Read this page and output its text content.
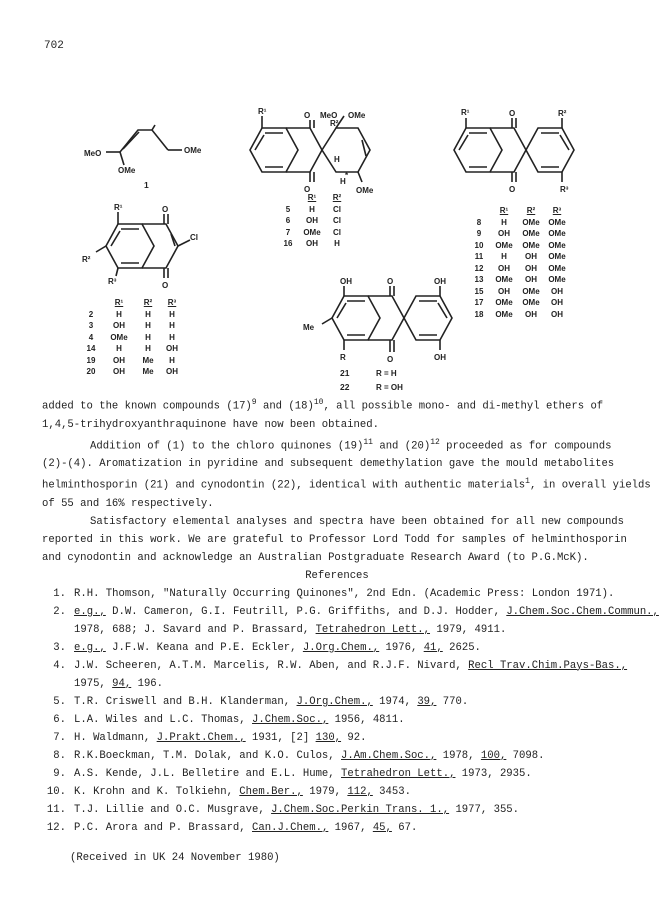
702
MeO	OMe
OMe
1
R¹	O MeO OMe
R²
O
H
H
*
OMe
R¹	O	R²
O	R³
R¹	O
Cl
R²
R³	O	OH	O	OH
Me
R	O	OH
21	R = H
22	R = OH
R¹	R²
5	H	Cl
6	OH	Cl
7	OMe	Cl
16	OH	H
R¹	R²	R³
2	H	H	H
3	OH	H	H
4	OMe	H	H
14	H	H	OH
19	OH	Me	H
20	OH	Me	OH
R¹	R²	R³
8	H	OMe	OMe
9	OH	OMe	OMe
10	OMe	OMe	OMe
11	H	OH	OMe
12	OH	OH	OMe
13	OMe	OH	OMe
15	OH	OMe	OH
17	OMe	OMe	OH
18	OMe	OH	OH

added to the known compounds $(17)^9$ and $(18)^{10}$, all possible mono- and di-methyl ethers of

1,4,5-trihydroxyanthraquinone have now been obtained.

Addition of (1) to the chloro quinones $(19)^{11}$ and $(20)^{12}$ proceeded as for compounds

(2)-(4). Aromatization in pyridine and subsequent demethylation gave the mould metabolites

helminthosporin (21) and cynodontin (22), identical with authentic materials$^1$, in overall yields

of 55 and 16% respectively.

Satisfactory elemental analyses and spectra have been obtained for all new compounds

reported in this work. We are grateful to Professor Lord Todd for samples of helminthosporin

and cynodontin and acknowledge an Australian Postgraduate Research Award (to P.G.McK).

References

1. R.H. Thomson, "Naturally Occurring Quinones", 2nd Edn. (Academic Press: London 1971).
2. e.g., D.W. Cameron, G.I. Feutrill, P.G. Griffiths, and D.J. Hodder, J.Chem.Soc.Chem.Commun.,
1978, 688; J. Savard and P. Brassard, Tetrahedron Lett., 1979, 4911.
3. e.g., J.F.W. Keana and P.E. Eckler, J.Org.Chem., 1976, 41, 2625.
4. J.W. Scheeren, A.T.M. Marcelis, R.W. Aben, and R.J.F. Nivard, Recl Trav.Chim.Pays-Bas.,
1975, 94, 196.
5. T.R. Criswell and B.H. Klanderman, J.Org.Chem., 1974, 39, 770.
6. L.A. Wiles and L.C. Thomas, J.Chem.Soc., 1956, 4811.
7. H. Waldmann, J.Prakt.Chem., 1931, [2] 130, 92.
8. R.K.Boeckman, T.M. Dolak, and K.O. Culos, J.Am.Chem.Soc., 1978, 100, 7098.
9. A.S. Kende, J.L. Belletire and E.L. Hume, Tetrahedron Lett., 1973, 2935.
10. K. Krohn and K. Tolkiehn, Chem.Ber., 1979, 112, 3453.
11. T.J. Lillie and O.C. Musgrave, J.Chem.Soc.Perkin Trans. 1., 1977, 355.
12. P.C. Arora and P. Brassard, Can.J.Chem., 1967, 45, 67.
(Received in UK 24 November 1980)
